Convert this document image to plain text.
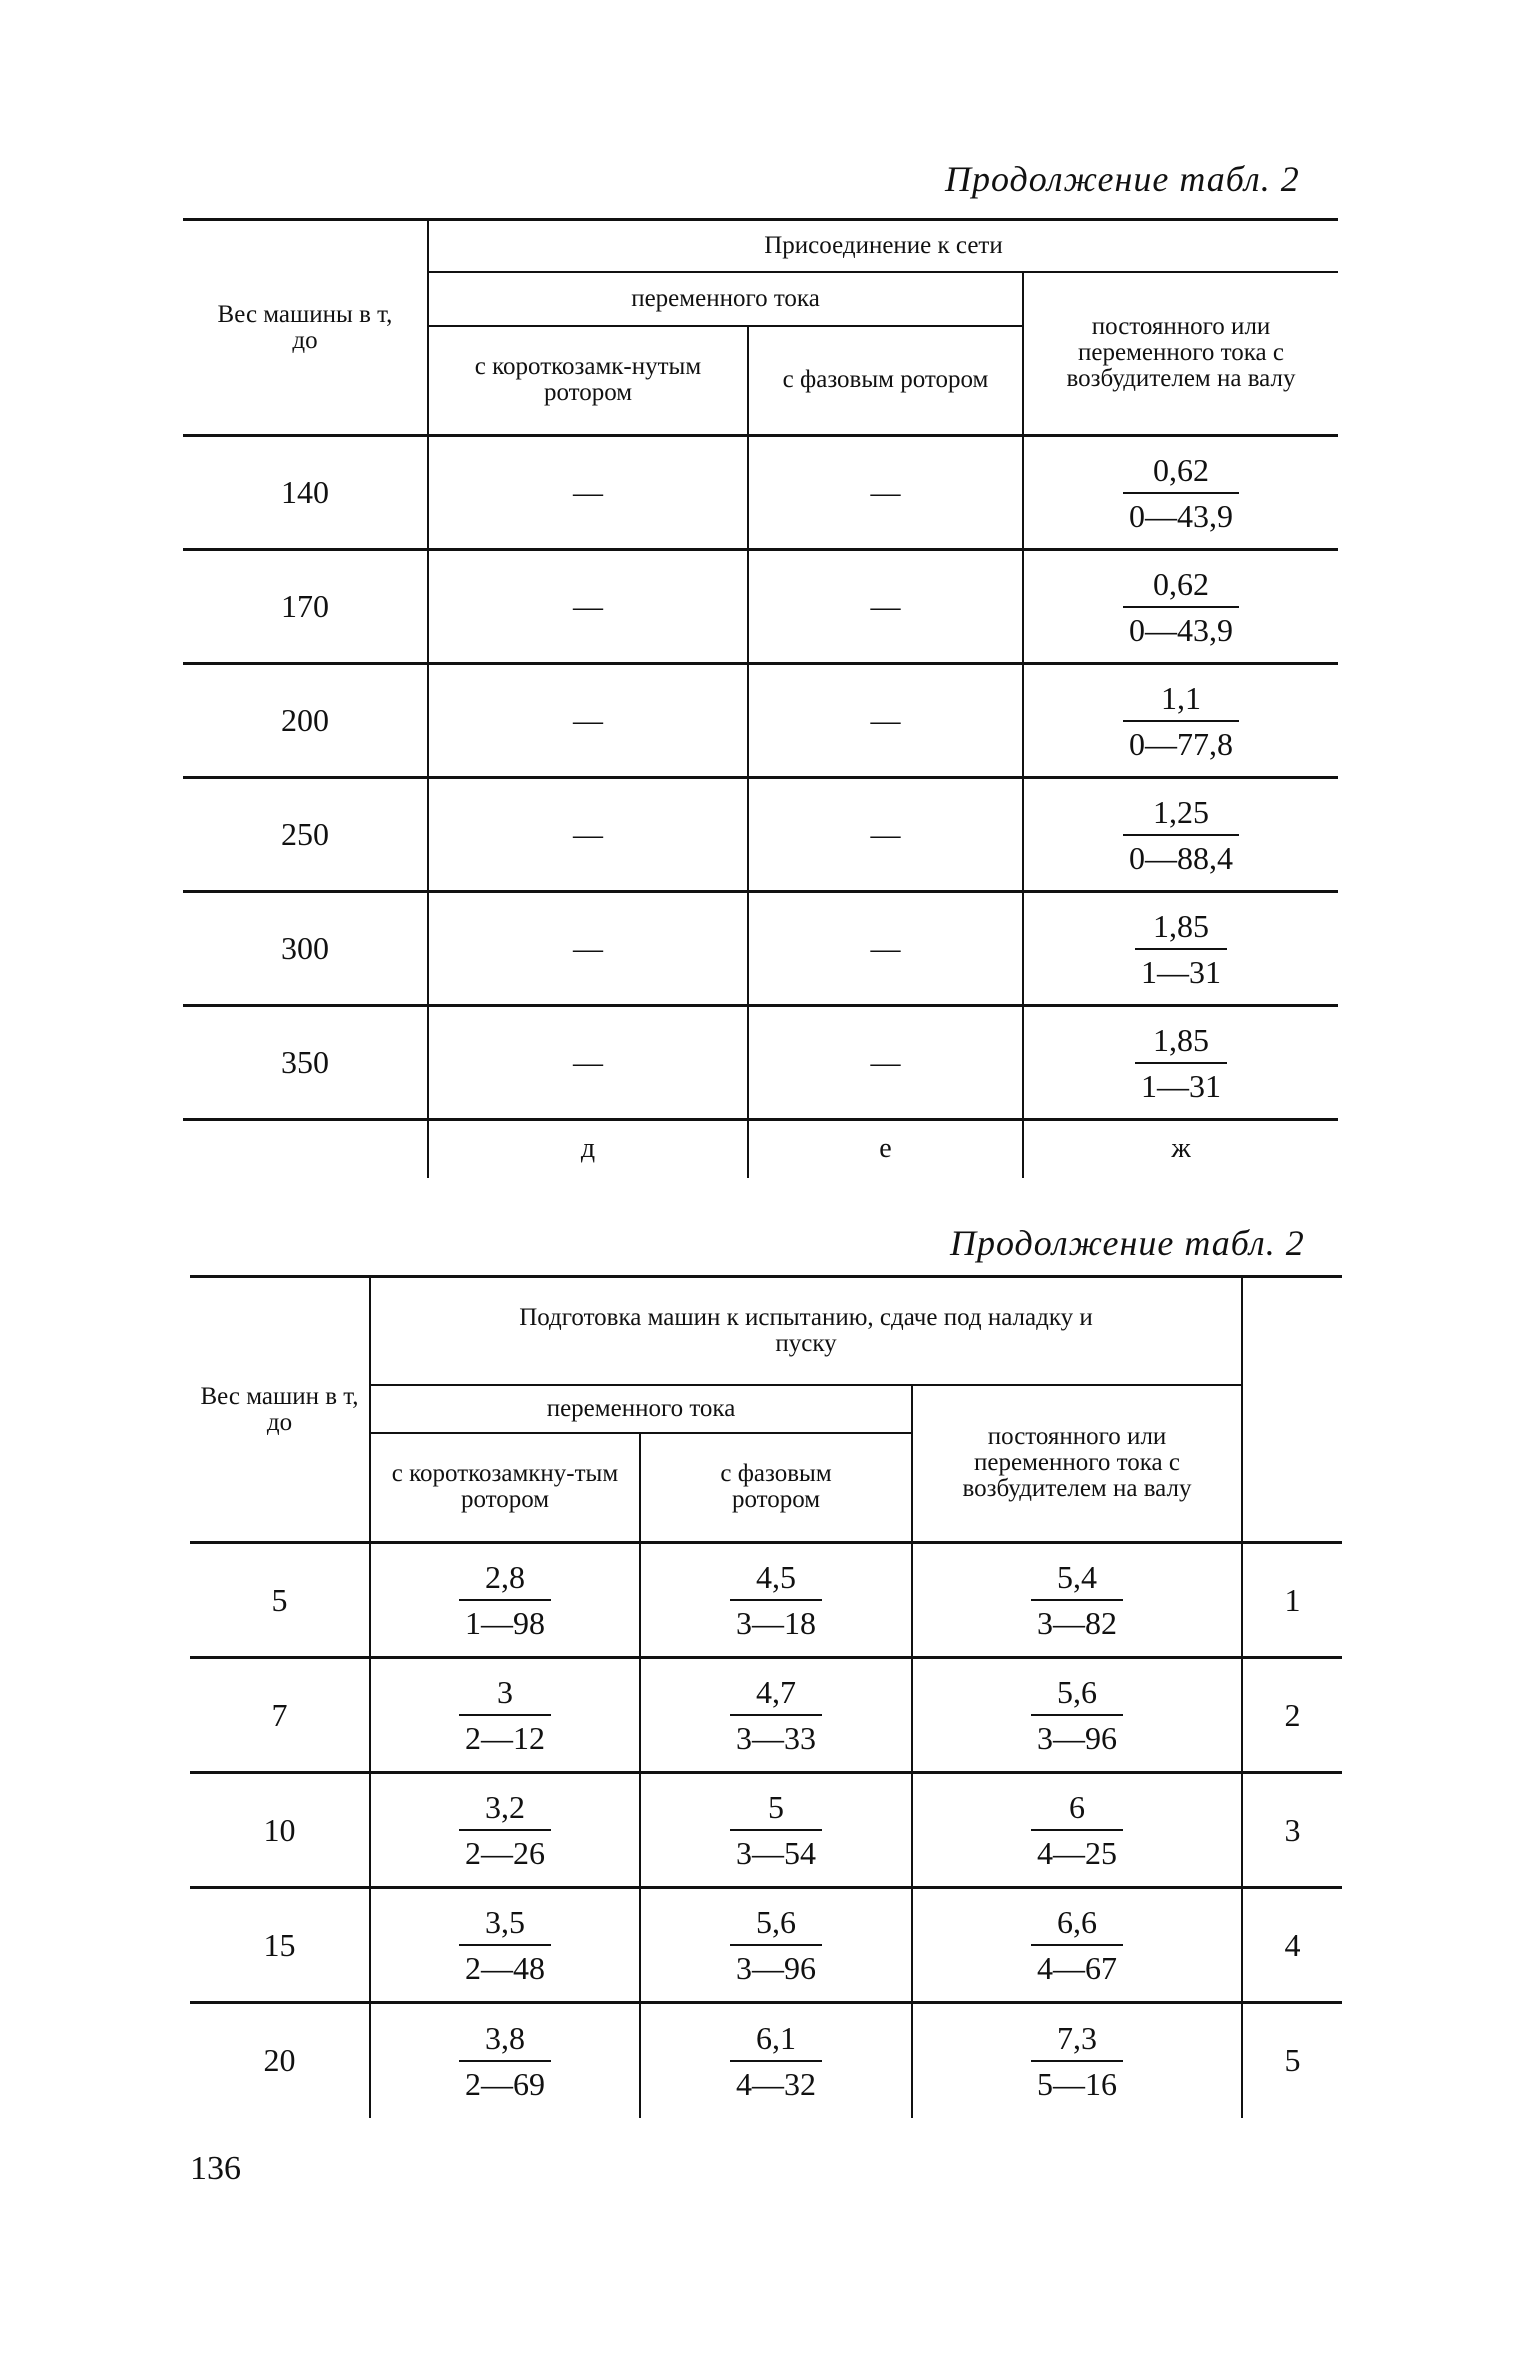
Продолжение табл. 2
Вес машины в т, до	Присоединение к сети		
	переменного тока		постоянного или переменного тока с возбудителем на валу
	с короткозамк-нутым ротором	с фазовым ротором	
140	—	—	$\frac{0,62}{0—43,9}$

170	—	—	$\frac{0,62}{0—43,9}$

200	—	—	$\frac{1,1}{0—77,8}$

250	—	—	$\frac{1,25}{0—88,4}$

300	—	—	$\frac{1,85}{1—31}$

350	—	—	$\frac{1,85}{1—31}$

	д	е	ж
Продолжение табл. 2
Вес машин в т, до	Подготовка машин к испытанию, сдаче под наладку и пуску			
	переменного тока		постоянного или переменного тока с возбудителем на валу	
	с короткозамкну-тым ротором	с фазовым ротором		
5	$\frac{2,8}{1—98}$	$\frac{4,5}{3—18}$	$\frac{5,4}{3—82}$	1
7	$\frac{3}{2—12}$	$\frac{4,7}{3—33}$	$\frac{5,6}{3—96}$	2
10	$\frac{3,2}{2—26}$	$\frac{5}{3—54}$	$\frac{6}{4—25}$	3
15	$\frac{3,5}{2—48}$	$\frac{5,6}{3—96}$	$\frac{6,6}{4—67}$	4
20	$\frac{3,8}{2—69}$	$\frac{6,1}{4—32}$	$\frac{7,3}{5—16}$	5
136
